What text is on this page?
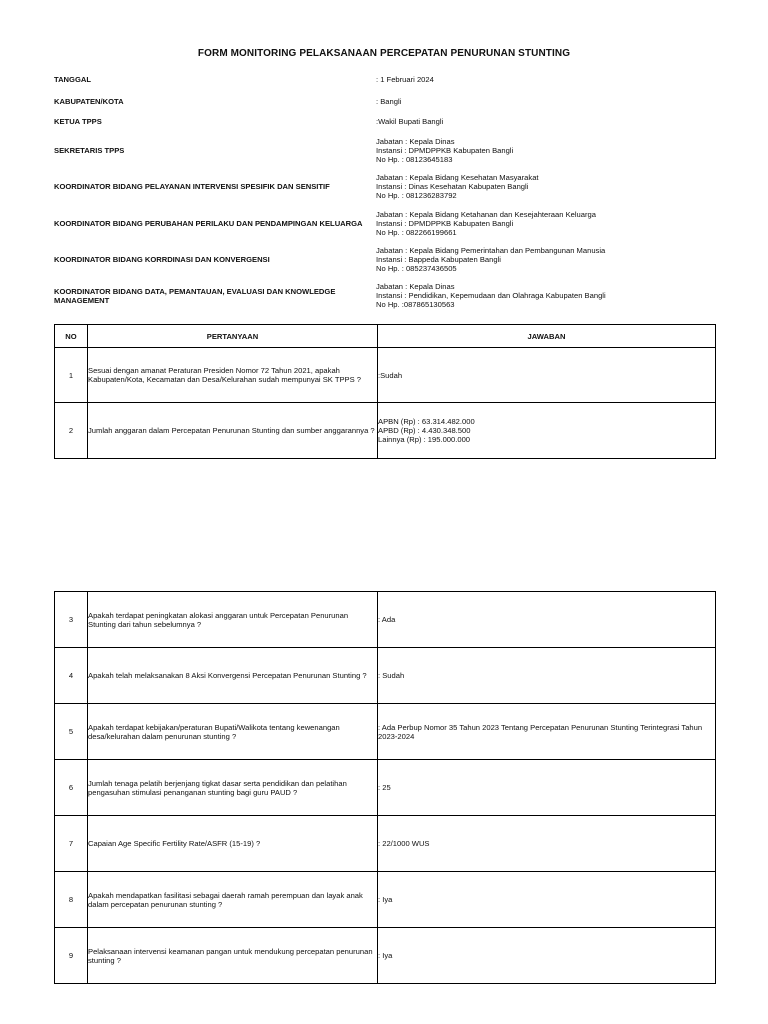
FORM MONITORING PELAKSANAAN PERCEPATAN PENURUNAN STUNTING
TANGGAL	: 1 Februari 2024
KABUPATEN/KOTA	: Bangli
KETUA TPPS	:Wakil Bupati Bangli
SEKRETARIS TPPS
Jabatan : Kepala Dinas
Instansi : DPMDPPKB Kabupaten Bangli
No Hp. : 08123645183
KOORDINATOR BIDANG PELAYANAN INTERVENSI SPESIFIK DAN SENSITIF
Jabatan : Kepala Bidang Kesehatan Masyarakat
Instansi : Dinas Kesehatan Kabupaten Bangli
No Hp. : 081236283792
KOORDINATOR BIDANG PERUBAHAN PERILAKU DAN PENDAMPINGAN KELUARGA
Jabatan : Kepala Bidang Ketahanan dan Kesejahteraan Keluarga
Instansi : DPMDPPKB Kabupaten Bangli
No Hp. : 082266199661
KOORDINATOR BIDANG KORRDINASI DAN KONVERGENSI
Jabatan : Kepala Bidang Pemerintahan dan Pembangunan Manusia
Instansi : Bappeda Kabupaten Bangli
No Hp. : 085237436505
KOORDINATOR BIDANG DATA, PEMANTAUAN, EVALUASI DAN KNOWLEDGE MANAGEMENT
Jabatan : Kepala Dinas
Instansi : Pendidikan, Kepemudaan dan Olahraga Kabupaten Bangli
No Hp. :087865130563
NO	PERTANYAAN	JAWABAN
1	Sesuai dengan amanat Peraturan Presiden Nomor 72 Tahun 2021, apakah Kabupaten/Kota, Kecamatan dan Desa/Kelurahan sudah mempunyai SK TPPS ?	:Sudah
2	Jumlah anggaran dalam Percepatan Penurunan Stunting dan sumber anggarannya ?	APBN (Rp) : 63.314.482.000
APBD (Rp) : 4.430.348.500
Lainnya (Rp) : 195.000.000
3	Apakah terdapat peningkatan alokasi anggaran untuk Percepatan Penurunan Stunting dari tahun sebelumnya ?	: Ada
4	Apakah telah melaksanakan 8 Aksi Konvergensi Percepatan Penurunan Stunting ?	: Sudah
5	Apakah terdapat kebijakan/peraturan Bupati/Walikota tentang kewenangan desa/kelurahan dalam penurunan stunting ?	: Ada Perbup Nomor 35 Tahun 2023 Tentang Percepatan Penurunan Stunting Terintegrasi Tahun 2023-2024
6	Jumlah tenaga pelatih berjenjang tigkat dasar serta pendidikan dan pelatihan pengasuhan stimulasi penanganan stunting bagi guru PAUD ?	: 25
7	Capaian Age Specific Fertility Rate/ASFR (15-19) ?	: 22/1000 WUS
8	Apakah mendapatkan fasilitasi sebagai daerah ramah perempuan dan layak anak dalam percepatan penurunan stunting ?	: Iya
9	Pelaksanaan intervensi keamanan pangan untuk mendukung percepatan penurunan stunting ?	: Iya
